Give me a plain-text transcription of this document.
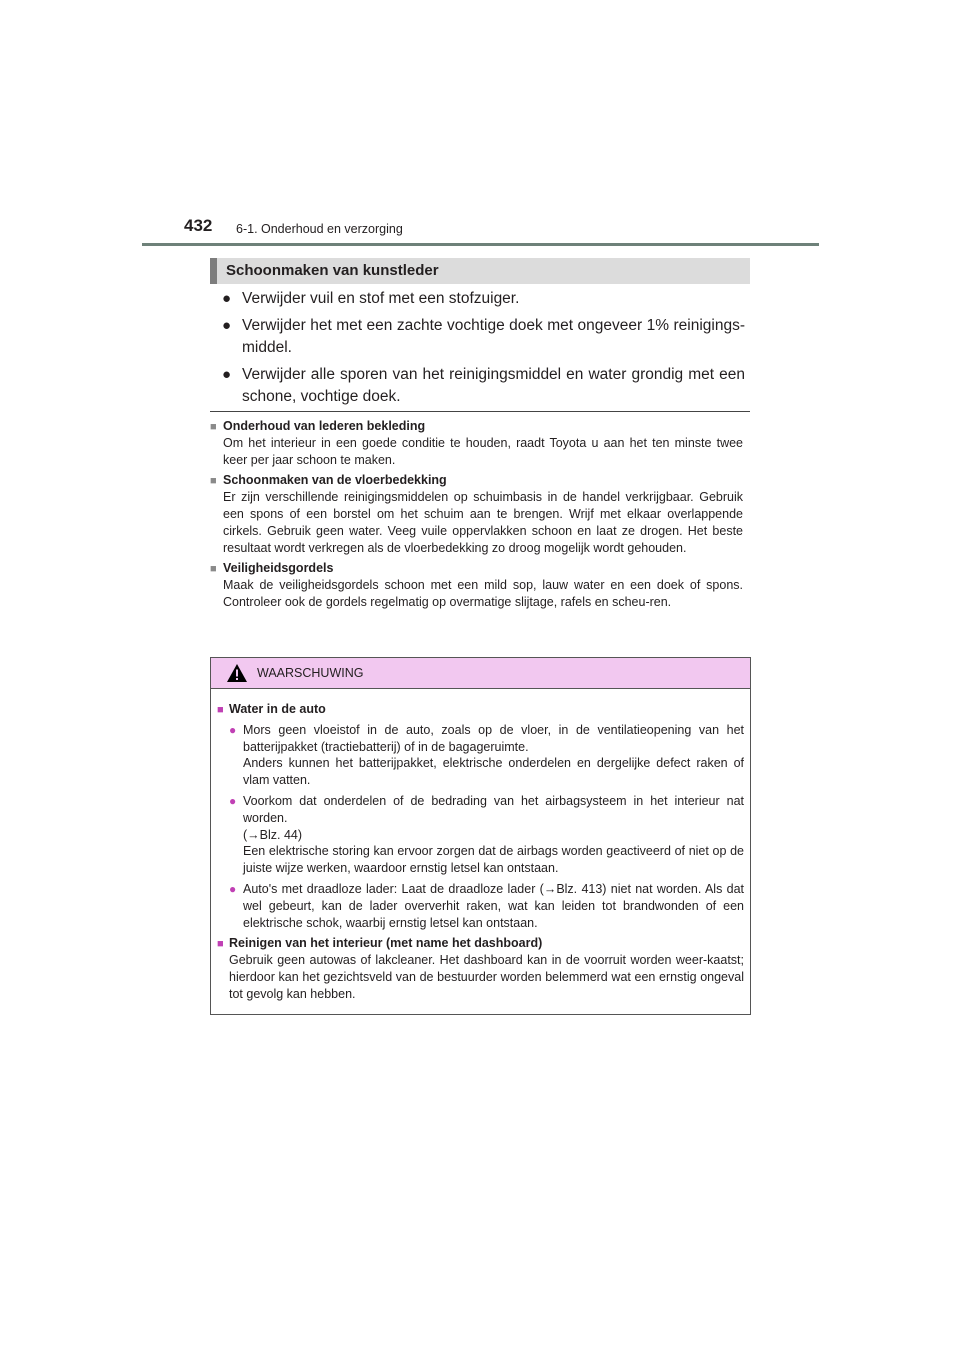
432 6-1. Onderhoud en verzorging
Schoonmaken van kunstleder
● Verwijder vuil en stof met een stofzuiger.
● Verwijder het met een zachte vochtige doek met ongeveer 1% reinigings-middel.
● Verwijder alle sporen van het reinigingsmiddel en water grondig met een schone, vochtige doek.
■ Onderhoud van lederen bekleding
Om het interieur in een goede conditie te houden, raadt Toyota u aan het ten minste twee keer per jaar schoon te maken.
■ Schoonmaken van de vloerbedekking
Er zijn verschillende reinigingsmiddelen op schuimbasis in de handel verkrijgbaar. Gebruik een spons of een borstel om het schuim aan te brengen. Wrijf met elkaar overlappende cirkels. Gebruik geen water. Veeg vuile oppervlakken schoon en laat ze drogen. Het beste resultaat wordt verkregen als de vloerbedekking zo droog mogelijk wordt gehouden.
■ Veiligheidsgordels
Maak de veiligheidsgordels schoon met een mild sop, lauw water en een doek of spons. Controleer ook de gordels regelmatig op overmatige slijtage, rafels en scheu-ren.
WAARSCHUWING
■ Water in de auto
● Mors geen vloeistof in de auto, zoals op de vloer, in de ventilatieopening van het batterijpakket (tractiebatterij) of in de bagageruimte.
Anders kunnen het batterijpakket, elektrische onderdelen en dergelijke defect raken of vlam vatten.
● Voorkom dat onderdelen of de bedrading van het airbagsysteem in het interieur nat worden.
(→Blz. 44)
Een elektrische storing kan ervoor zorgen dat de airbags worden geactiveerd of niet op de juiste wijze werken, waardoor ernstig letsel kan ontstaan.
● Auto's met draadloze lader: Laat de draadloze lader (→Blz. 413) niet nat worden. Als dat wel gebeurt, kan de lader oververhit raken, wat kan leiden tot brandwonden of een elektrische schok, waarbij ernstig letsel kan ontstaan.
■ Reinigen van het interieur (met name het dashboard)
Gebruik geen autowas of lakcleaner. Het dashboard kan in de voorruit worden weer-kaatst; hierdoor kan het gezichtsveld van de bestuurder worden belemmerd wat een ernstig ongeval tot gevolg kan hebben.
